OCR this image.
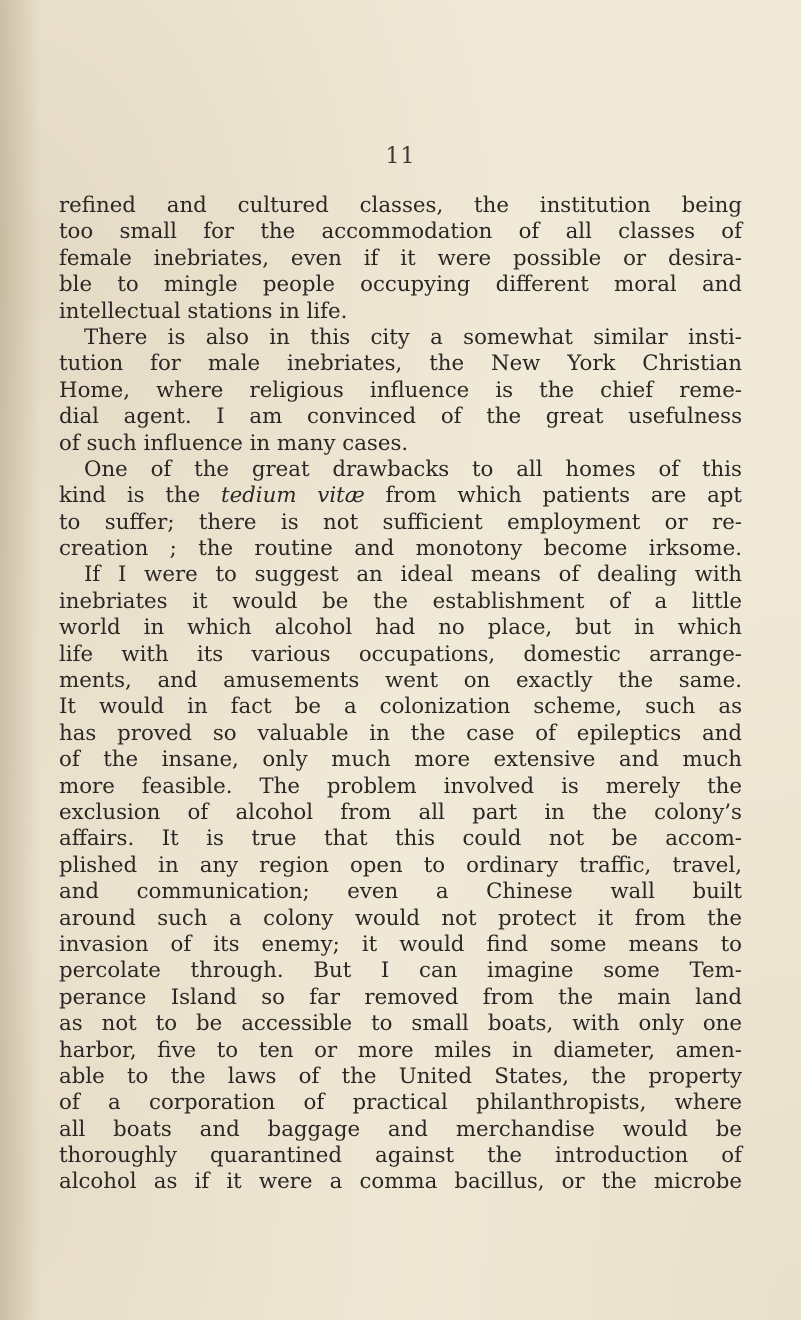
11
refined and cultured classes, the institution being
too small for the accommodation of all classes of
female inebriates, even if it were possible or desira-
ble to mingle people occupying different moral and
intellectual stations in life.
There is also in this city a somewhat similar insti-
tution for male inebriates, the New York Christian
Home, where religious influence is the chief reme-
dial agent. I am convinced of the great usefulness
of such influence in many cases.
One of the great drawbacks to all homes of this
kind is the tedium vitæ from which patients are apt
to suffer; there is not sufficient employment or re-
creation ; the routine and monotony become irksome.
If I were to suggest an ideal means of dealing with
inebriates it would be the establishment of a little
world in which alcohol had no place, but in which
life with its various occupations, domestic arrange-
ments, and amusements went on exactly the same.
It would in fact be a colonization scheme, such as
has proved so valuable in the case of epileptics and
of the insane, only much more extensive and much
more feasible. The problem involved is merely the
exclusion of alcohol from all part in the colony’s
affairs. It is true that this could not be accom-
plished in any region open to ordinary traffic, travel,
and communication; even a Chinese wall built
around such a colony would not protect it from the
invasion of its enemy; it would find some means to
percolate through. But I can imagine some Tem-
perance Island so far removed from the main land
as not to be accessible to small boats, with only one
harbor, five to ten or more miles in diameter, amen-
able to the laws of the United States, the property
of a corporation of practical philanthropists, where
all boats and baggage and merchandise would be
thoroughly quarantined against the introduction of
alcohol as if it were a comma bacillus, or the microbe
